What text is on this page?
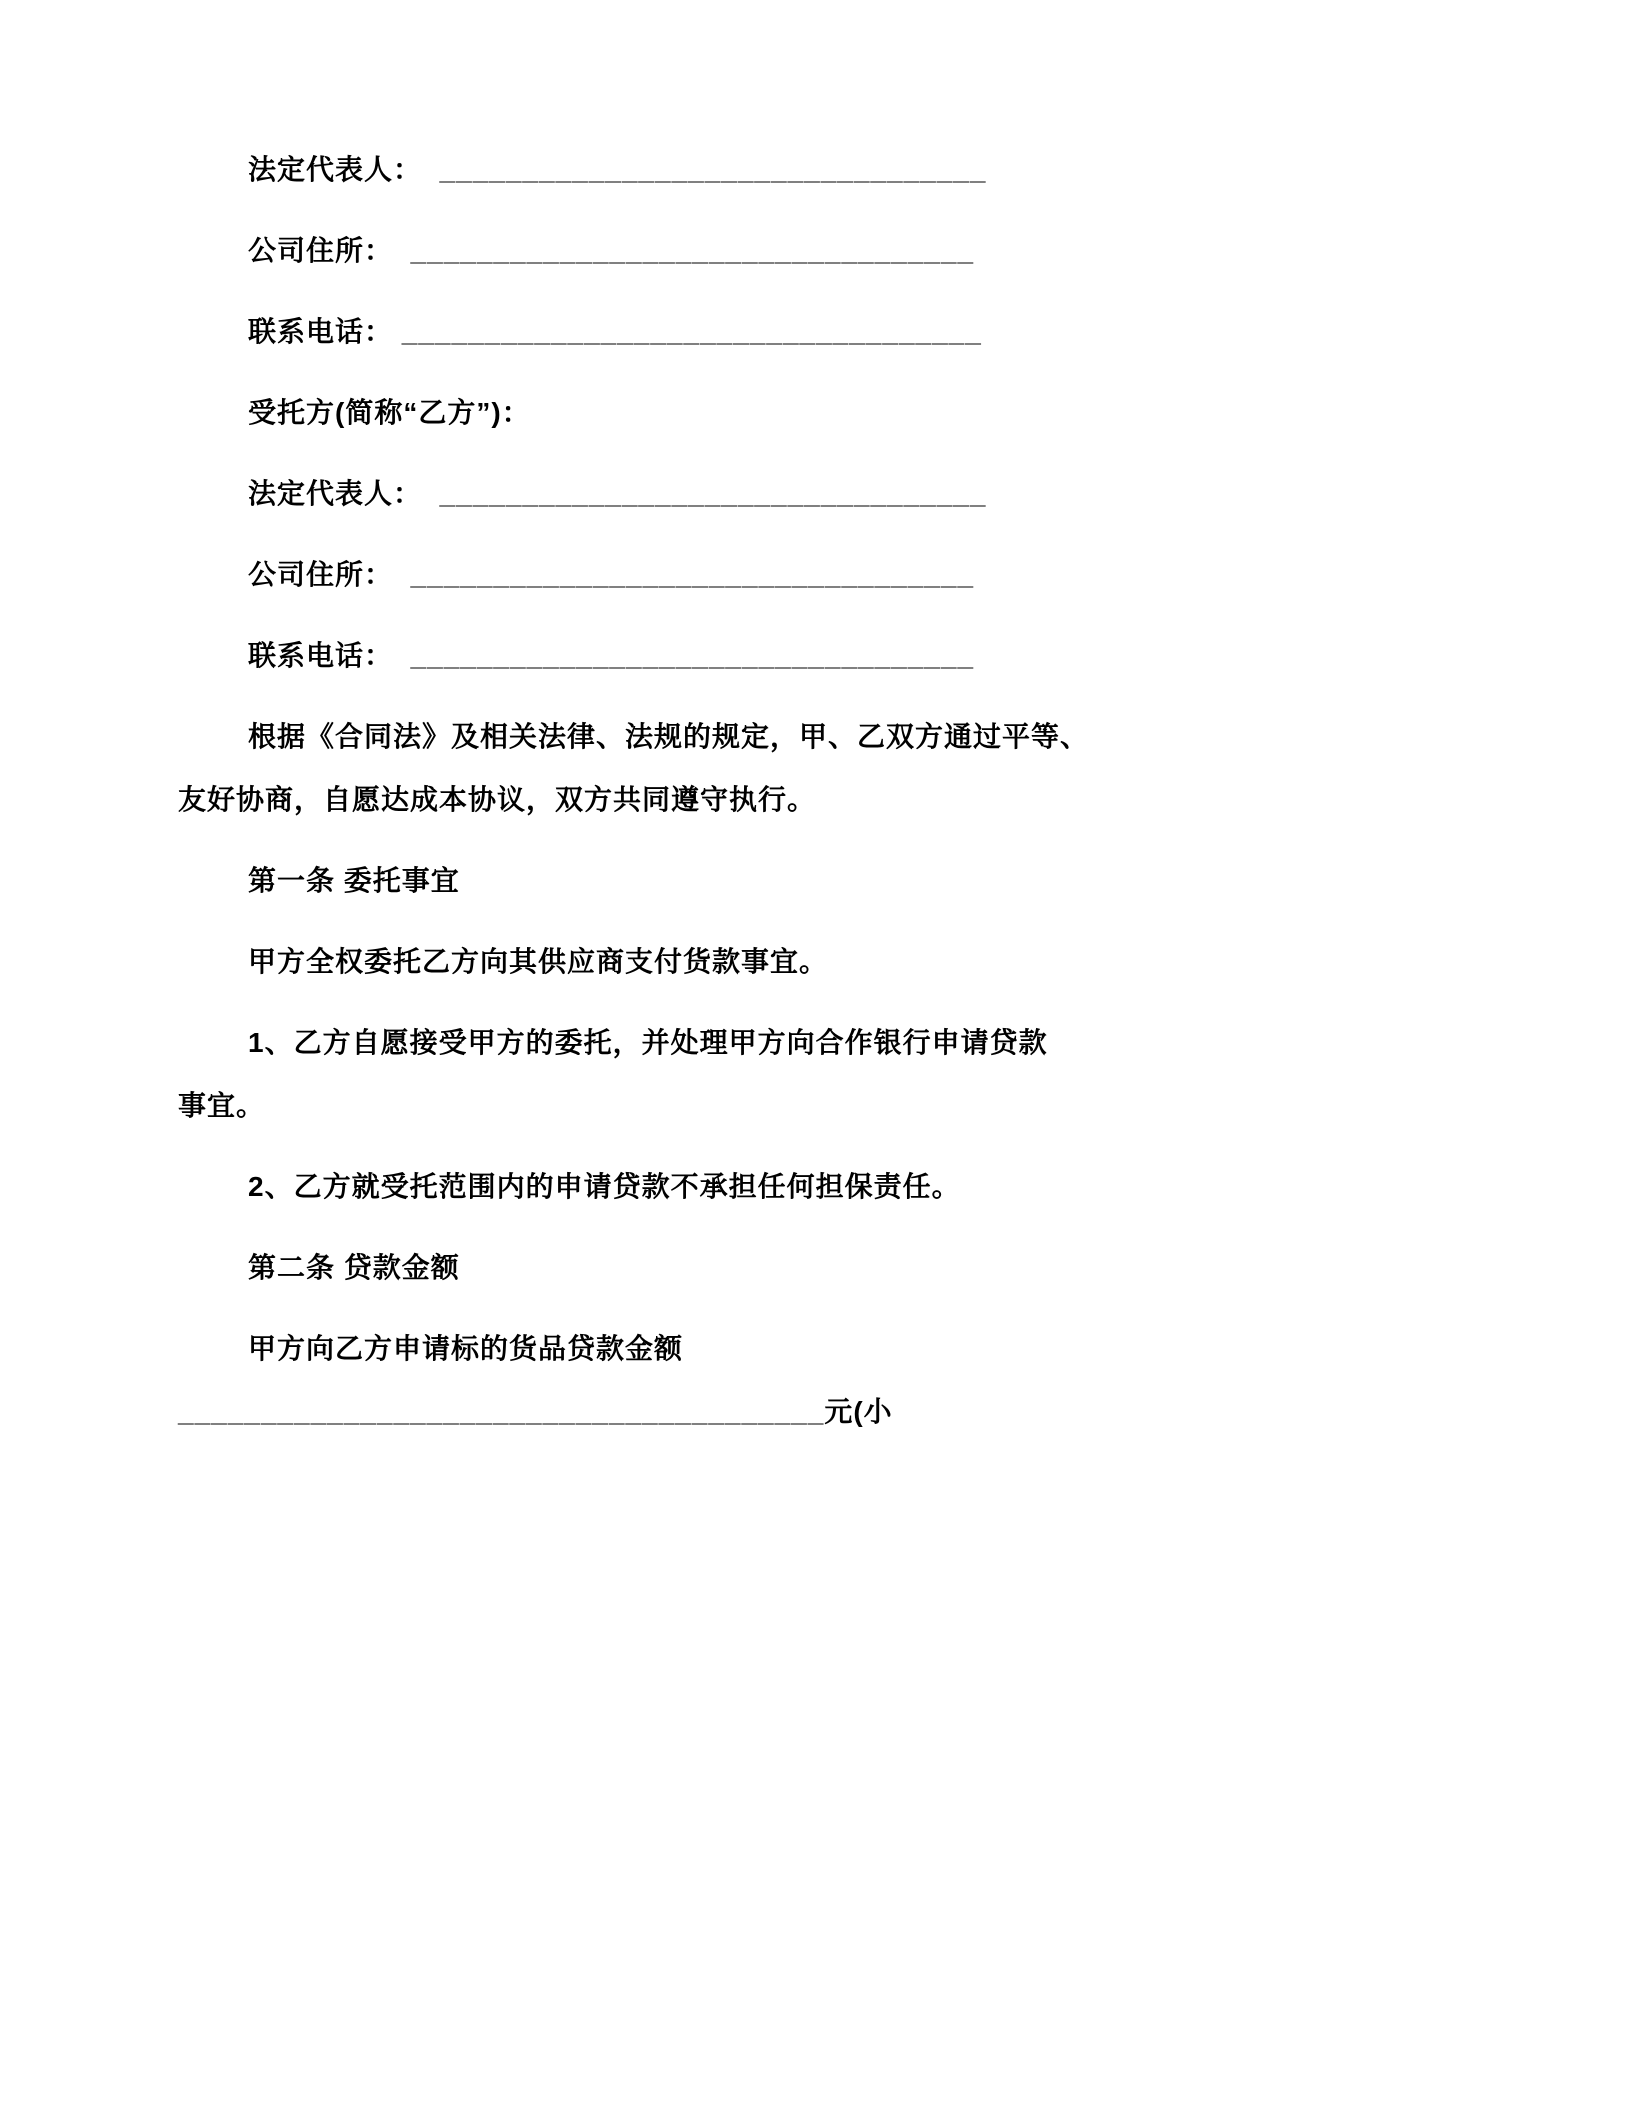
法定代表人：  _________________________________
公司住所：  __________________________________
联系电话： ___________________________________
受托方(简称“乙方”)：
法定代表人：  _________________________________
公司住所：  __________________________________
联系电话：  __________________________________
根据《合同法》及相关法律、法规的规定，甲、乙双方通过平等、
友好协商，自愿达成本协议，双方共同遵守执行。
第一条 委托事宜
甲方全权委托乙方向其供应商支付货款事宜。
1、乙方自愿接受甲方的委托，并处理甲方向合作银行申请贷款
事宜。
2、乙方就受托范围内的申请贷款不承担任何担保责任。
第二条 贷款金额
甲方向乙方申请标的货品贷款金额
_______________________________________元(小
